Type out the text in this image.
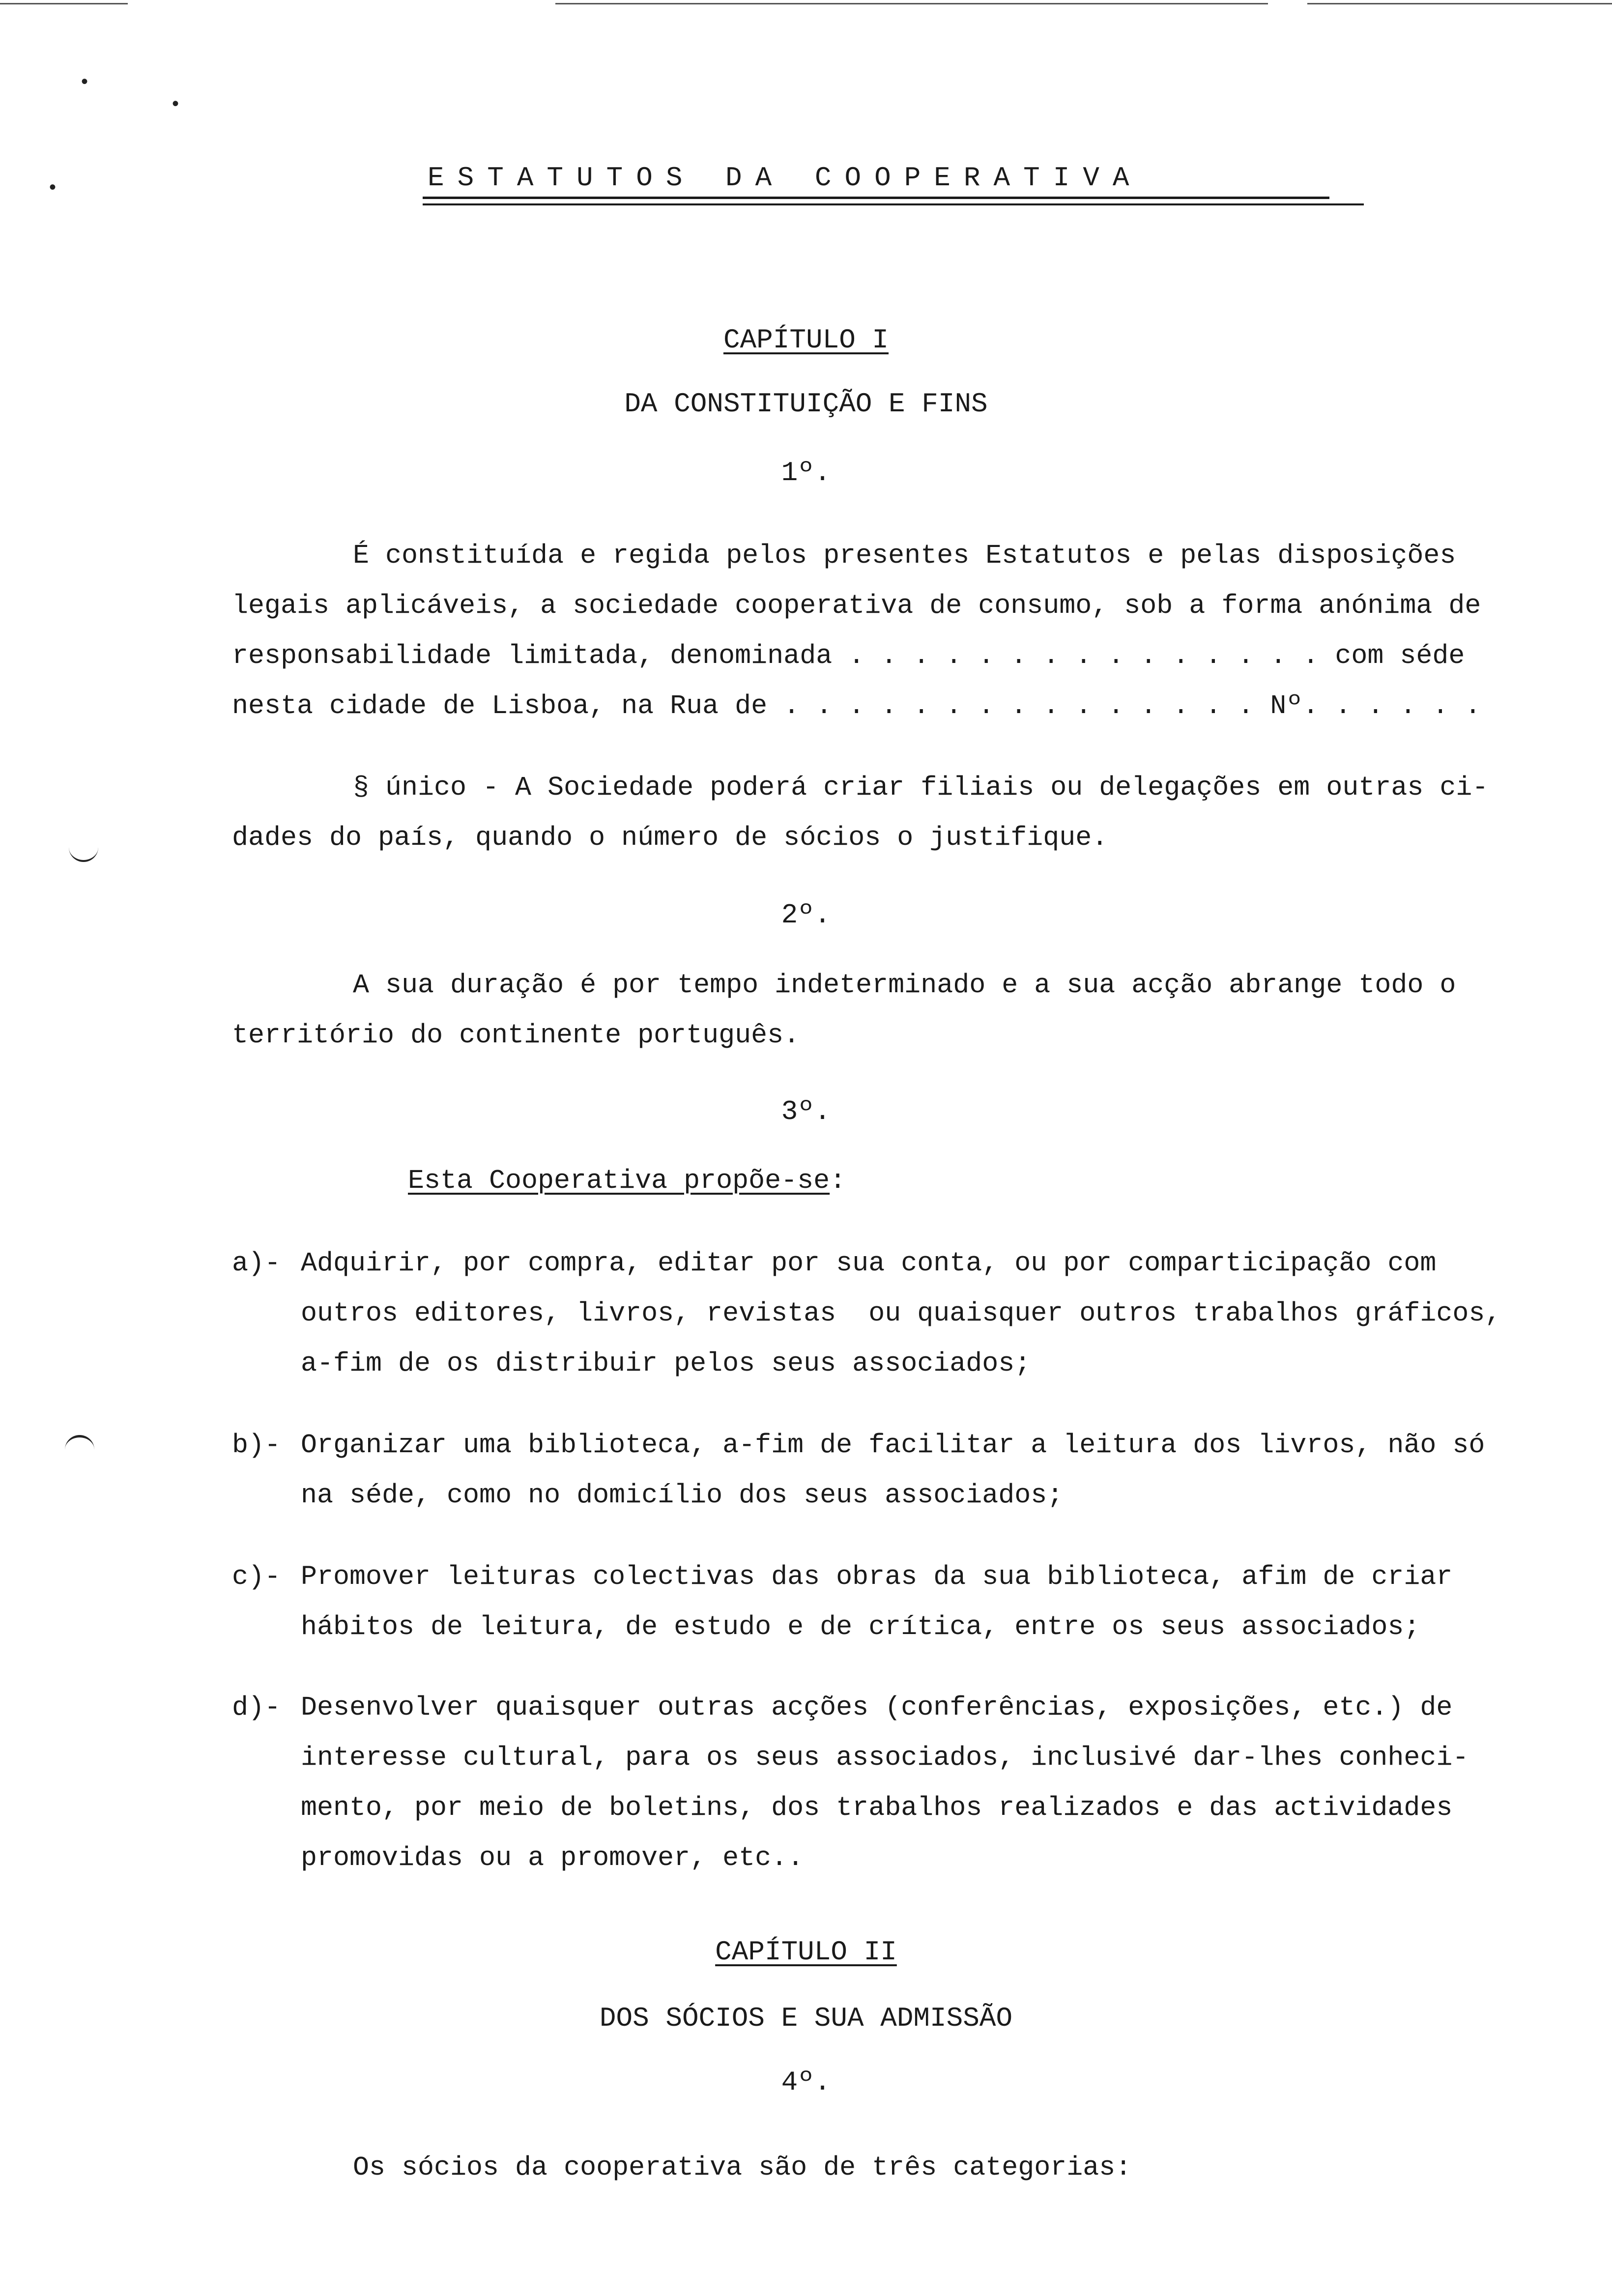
•
•
•	ESTATUTOS DA COOPERATIVA
CAPÍTULO I
DA CONSTITUIÇÃO E FINS
1º.
É constituída e regida pelos presentes Estatutos e pelas disposições
legais aplicáveis, a sociedade cooperativa de consumo, sob a forma anónima de
responsabilidade limitada, denominada . . . . . . . . . . . . . . . com séde
nesta cidade de Lisboa, na Rua de . . . . . . . . . . . . . . . Nº. . . . . .
§ único - A Sociedade poderá criar filiais ou delegações em outras ci-
dades do país, quando o número de sócios o justifique.
2º.
A sua duração é por tempo indeterminado e a sua acção abrange todo o
território do continente português.
3º.
Esta Cooperativa propõe-se:
a)- Adquirir, por compra, editar por sua conta, ou por comparticipação com
outros editores, livros, revistas  ou quaisquer outros trabalhos gráficos,
a-fim de os distribuir pelos seus associados;
b)- Organizar uma biblioteca, a-fim de facilitar a leitura dos livros, não só
na séde, como no domicílio dos seus associados;
c)- Promover leituras colectivas das obras da sua biblioteca, afim de criar
hábitos de leitura, de estudo e de crítica, entre os seus associados;
d)- Desenvolver quaisquer outras acções (conferências, exposições, etc.) de
interesse cultural, para os seus associados, inclusivé dar-lhes conheci-
mento, por meio de boletins, dos trabalhos realizados e das actividades
promovidas ou a promover, etc..
CAPÍTULO II
DOS SÓCIOS E SUA ADMISSÃO
4º.
Os sócios da cooperativa são de três categorias:
